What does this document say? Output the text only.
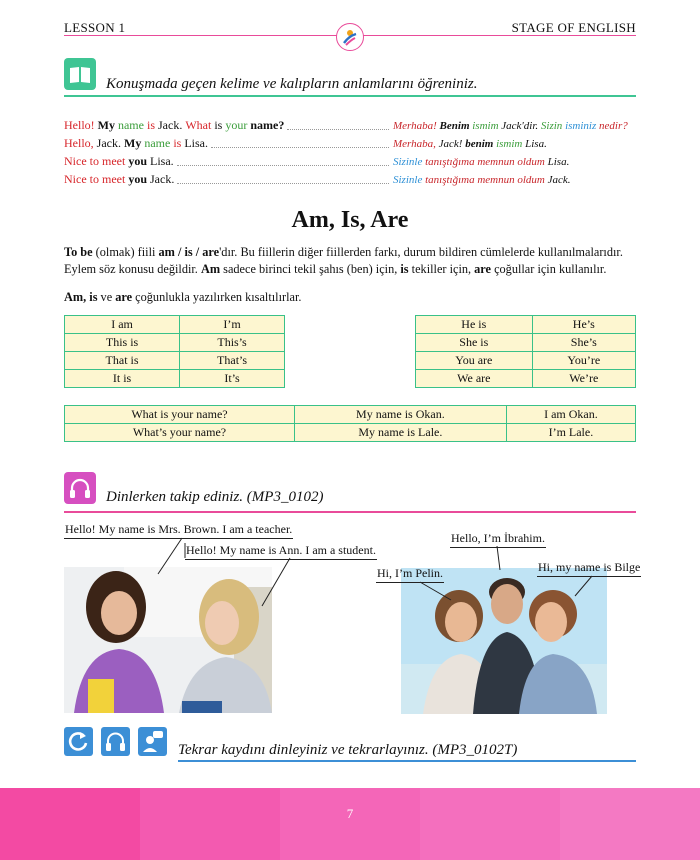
LESSON 1	STAGE OF ENGLISH
Konuşmada geçen kelime ve kalıpların anlamlarını öğreniniz.
Hello! My name is Jack. What is your name?	Merhaba! Benim ismim Jack'dir. Sizin isminiz nedir?
Hello, Jack. My name is Lisa.	Merhaba, Jack! benim ismim Lisa.
Nice to meet you Lisa.	Sizinle tanıştığıma memnun oldum Lisa.
Nice to meet you Jack.	Sizinle tanıştığıma memnun oldum Jack.
Am, Is, Are
To be (olmak) fiili am / is / are'dır. Bu fiillerin diğer fiillerden farkı, durum bildiren cümlelerde kullanılmalarıdır. Eylem söz konusu değildir. Am sadece birinci tekil şahıs (ben) için, is tekiller için, are çoğullar için kullanılır.
Am, is ve are çoğunlukla yazılırken kısaltılırlar.
I am	I’m
This is	This’s
That is	That’s
It is	It’s
He is	He’s
She is	She’s
You are	You’re
We are	We’re
What is your name?	My name is Okan.	I am Okan.
What’s your name?	My name is Lale.	I’m Lale.
Dinlerken takip ediniz. (MP3_0102)
Hello! My name is Mrs. Brown. I am a teacher.
Hello! My name is Ann. I am a student.
Hello, I’m İbrahim.
Hi, I’m Pelin.	Hi, my name is Bilge
Tekrar kaydını dinleyiniz ve tekrarlayınız. (MP3_0102T)
7
